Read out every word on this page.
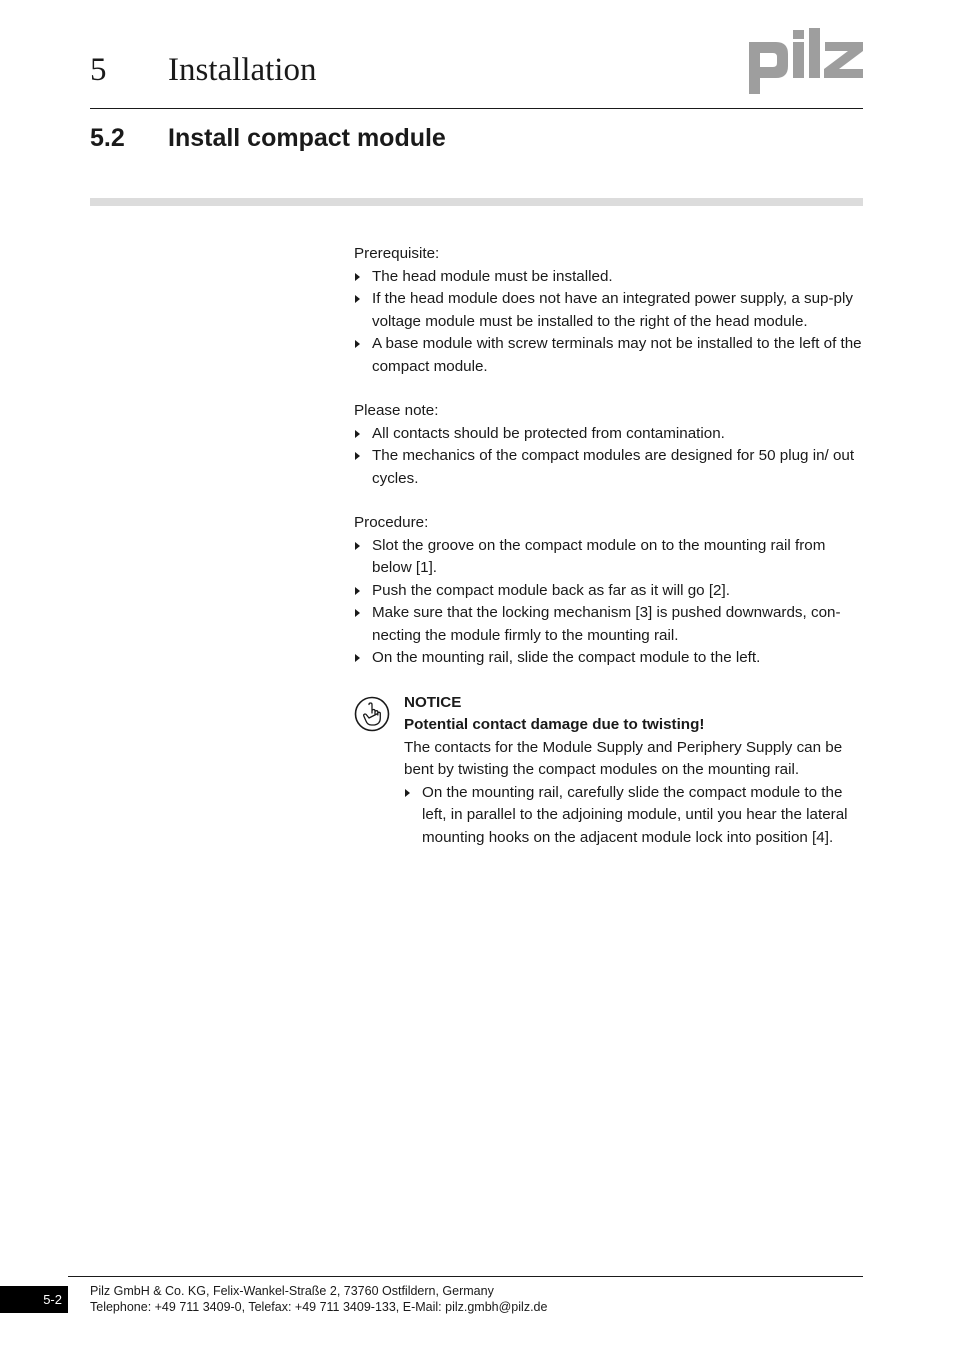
5 Installation
5.2 Install compact module

Prerequisite:

The head module must be installed.
If the head module does not have an integrated power supply, a sup-ply voltage module must be installed to the right of the head module.
A base module with screw terminals may not be installed to the left of the compact module.

Please note:

All contacts should be protected from contamination.
The mechanics of the compact modules are designed for 50 plug in/ out cycles.

Procedure:

Slot the groove on the compact module on to the mounting rail from below [1].
Push the compact module back as far as it will go [2].
Make sure that the locking mechanism [3] is pushed downwards, con-necting the module firmly to the mounting rail.
On the mounting rail, slide the compact module to the left.

NOTICE

Potential contact damage due to twisting!

The contacts for the Module Supply and Periphery Supply can be bent by twisting the compact modules on the mounting rail.

On the mounting rail, carefully slide the compact module to the left, in parallel to the adjoining module, until you hear the lateral mounting hooks on the adjacent module lock into position [4].
5-2
Pilz GmbH & Co. KG, Felix-Wankel-Straße 2, 73760 Ostfildern, Germany
Telephone: +49 711 3409-0, Telefax: +49 711 3409-133, E-Mail: pilz.gmbh@pilz.de
